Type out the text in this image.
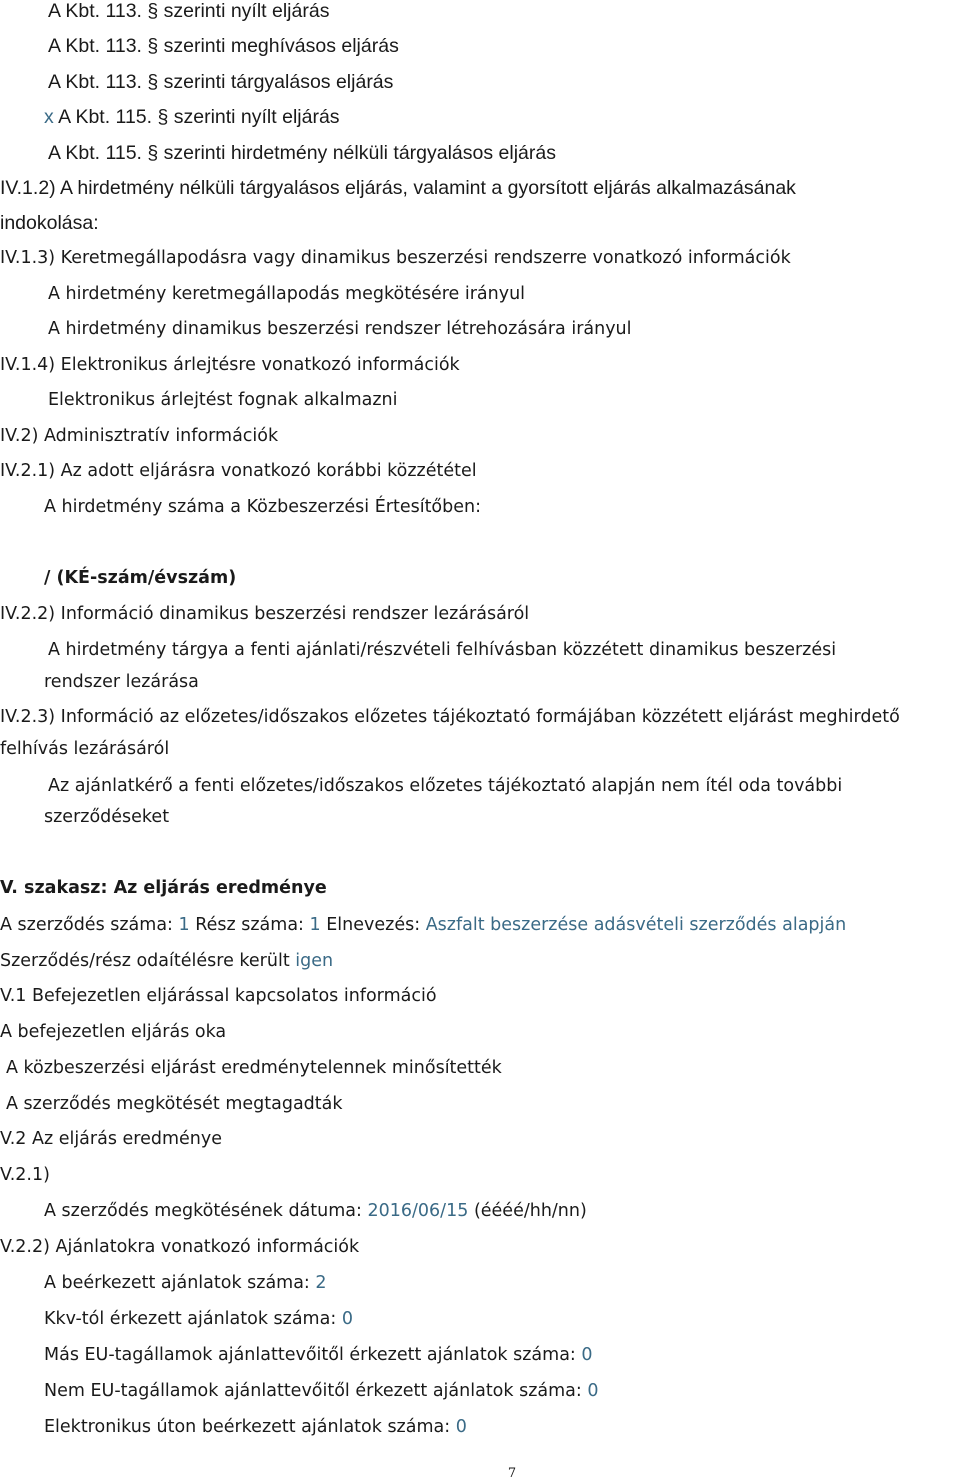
A Kbt. 113. § szerinti nyílt eljárás
A Kbt. 113. § szerinti meghívásos eljárás
A Kbt. 113. § szerinti tárgyalásos eljárás
x A Kbt. 115. § szerinti nyílt eljárás
A Kbt. 115. § szerinti hirdetmény nélküli tárgyalásos eljárás
IV.1.2) A hirdetmény nélküli tárgyalásos eljárás, valamint a gyorsított eljárás alkalmazásának
indokolása:
IV.1.3) Keretmegállapodásra vagy dinamikus beszerzési rendszerre vonatkozó információk
A hirdetmény keretmegállapodás megkötésére irányul
A hirdetmény dinamikus beszerzési rendszer létrehozására irányul
IV.1.4) Elektronikus árlejtésre vonatkozó információk
Elektronikus árlejtést fognak alkalmazni
IV.2) Adminisztratív információk
IV.2.1) Az adott eljárásra vonatkozó korábbi közzététel
A hirdetmény száma a Közbeszerzési Értesítőben:
/ (KÉ-szám/évszám)
IV.2.2) Információ dinamikus beszerzési rendszer lezárásáról
A hirdetmény tárgya a fenti ajánlati/részvételi felhívásban közzétett dinamikus beszerzési
rendszer lezárása
IV.2.3) Információ az előzetes/időszakos előzetes tájékoztató formájában közzétett eljárást meghirdető
felhívás lezárásáról
Az ajánlatkérő a fenti előzetes/időszakos előzetes tájékoztató alapján nem ítél oda további
szerződéseket
V. szakasz: Az eljárás eredménye
A szerződés száma: 1 Rész száma: 1 Elnevezés: Aszfalt beszerzése adásvételi szerződés alapján
Szerződés/rész odaítélésre került igen
V.1 Befejezetlen eljárással kapcsolatos információ
A befejezetlen eljárás oka
A közbeszerzési eljárást eredménytelennek minősítették
A szerződés megkötését megtagadták
V.2 Az eljárás eredménye
V.2.1)
A szerződés megkötésének dátuma: 2016/06/15 (éééé/hh/nn)
V.2.2) Ajánlatokra vonatkozó információk
A beérkezett ajánlatok száma: 2
Kkv-tól érkezett ajánlatok száma: 0
Más EU-tagállamok ajánlattevőitől érkezett ajánlatok száma: 0
Nem EU-tagállamok ajánlattevőitől érkezett ajánlatok száma: 0
Elektronikus úton beérkezett ajánlatok száma: 0
7
